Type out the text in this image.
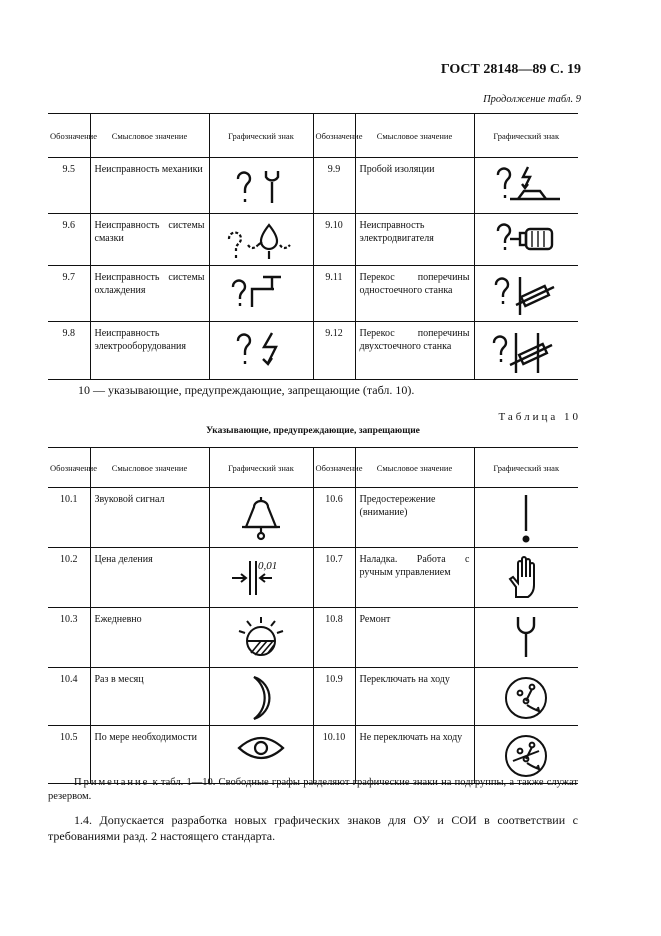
ГОСТ 28148—89 С. 19
Продолжение табл. 9
Обозначение	Смысловое значение	Графический знак	Обозначение	Смысловое значение	Графический знак
9.5	Неисправность механики		9.9	Пробой изоляции	
9.6	Неисправность системы смазки		9.10	Неисправность электродвигателя	
9.7	Неисправность системы охлаждения		9.11	Перекос поперечины одностоечного станка	
9.8	Неисправность электрооборудования		9.12	Перекос поперечины двухстоечного станка	
10 — указывающие, предупреждающие, запрещающие (табл. 10).
Таблица 10
Указывающие, предупреждающие, запрещающие
Обозначение	Смысловое значение	Графический знак	Обозначение	Смысловое значение	Графический знак
10.1	Звуковой сигнал		10.6	Предостережение (внимание)	
10.2	Цена деления	0,01	10.7	Наладка. Работа с ручным управлением	
10.3	Ежедневно		10.8	Ремонт	
10.4	Раз в месяц		10.9	Переключать на ходу	
10.5	По мере необходимости		10.10	Не переключать на ходу	
Примечание к табл. 1—10. Свободные графы разделяют графические знаки на подгруппы, а также служат резервом.
1.4. Допускается разработка новых графических знаков для ОУ и СОИ в соответствии с требованиями разд. 2 настоящего стандарта.
